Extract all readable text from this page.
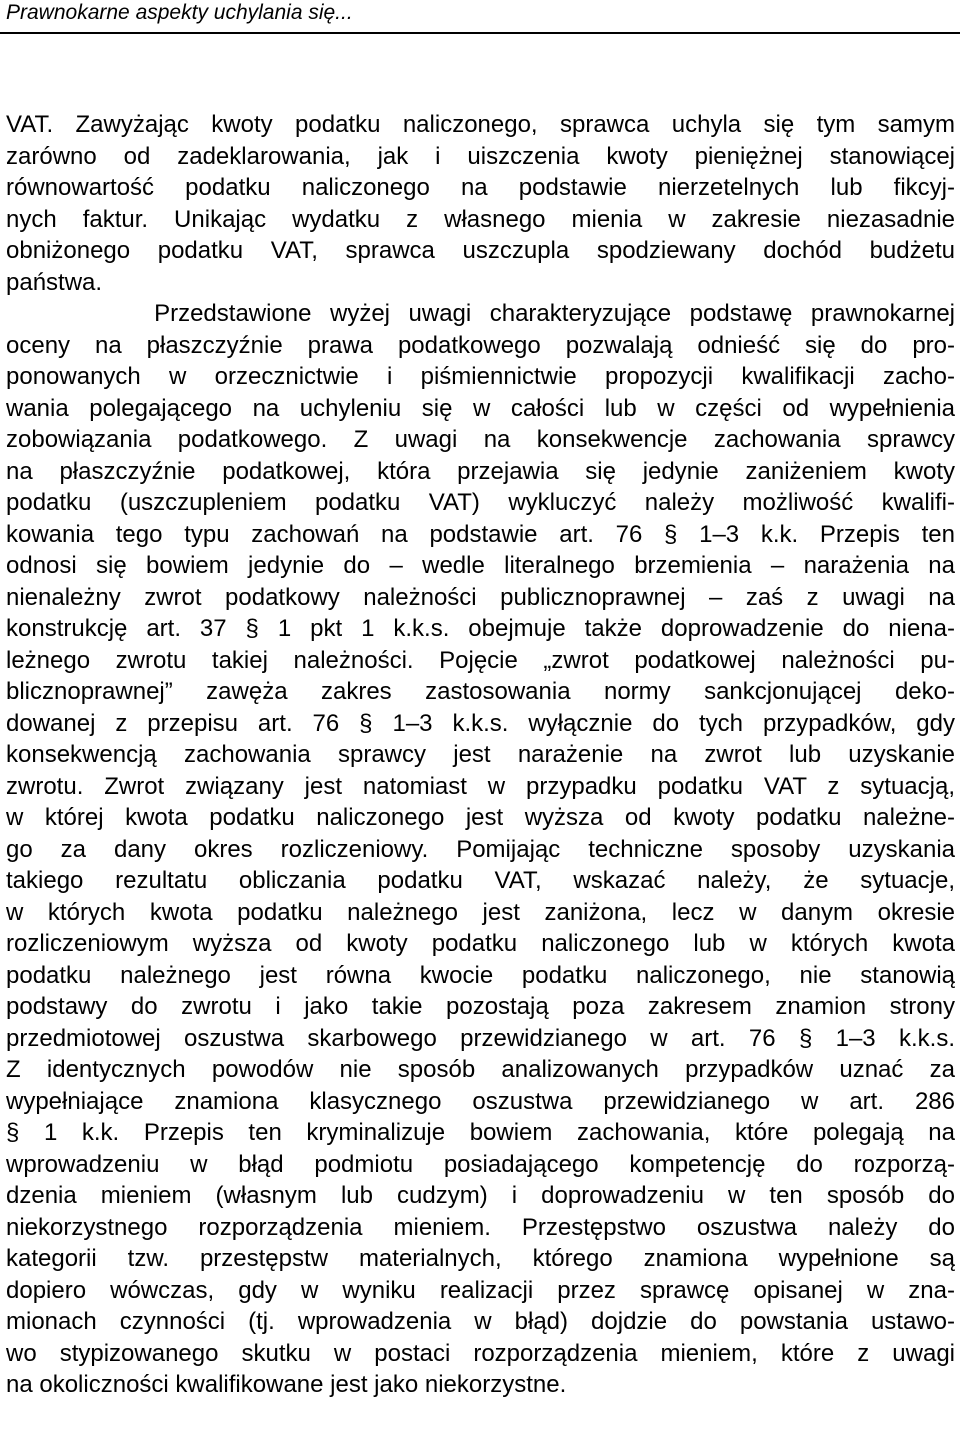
Prawnokarne aspekty uchylania się...
VAT. Zawyżając kwoty podatku naliczonego, sprawca uchyla się tym samym
zarówno od zadeklarowania, jak i uiszczenia kwoty pieniężnej stanowiącej
równowartość podatku naliczonego na podstawie nierzetelnych lub fikcyj-
nych faktur. Unikając wydatku z własnego mienia w zakresie niezasadnie
obniżonego podatku VAT, sprawca uszczupla spodziewany dochód budżetu
państwa.
Przedstawione wyżej uwagi charakteryzujące podstawę prawnokarnej
oceny na płaszczyźnie prawa podatkowego pozwalają odnieść się do pro-
ponowanych w orzecznictwie i piśmiennictwie propozycji kwalifikacji zacho-
wania polegającego na uchyleniu się w całości lub w części od wypełnienia
zobowiązania podatkowego. Z uwagi na konsekwencje zachowania sprawcy
na płaszczyźnie podatkowej, która przejawia się jedynie zaniżeniem kwoty
podatku (uszczupleniem podatku VAT) wykluczyć należy możliwość kwalifi-
kowania tego typu zachowań na podstawie art. 76 § 1–3 k.k. Przepis ten
odnosi się bowiem jedynie do – wedle literalnego brzemienia – narażenia na
nienależny zwrot podatkowy należności publicznoprawnej – zaś z uwagi na
konstrukcję art. 37 § 1 pkt 1 k.k.s. obejmuje także doprowadzenie do niena-
leżnego zwrotu takiej należności. Pojęcie „zwrot podatkowej należności pu-
blicznoprawnej” zawęża zakres zastosowania normy sankcjonującej deko-
dowanej z przepisu art. 76 § 1–3 k.k.s. wyłącznie do tych przypadków, gdy
konsekwencją zachowania sprawcy jest narażenie na zwrot lub uzyskanie
zwrotu. Zwrot związany jest natomiast w przypadku podatku VAT z sytuacją,
w której kwota podatku naliczonego jest wyższa od kwoty podatku należne-
go za dany okres rozliczeniowy. Pomijając techniczne sposoby uzyskania
takiego rezultatu obliczania podatku VAT, wskazać należy, że sytuacje,
w których kwota podatku należnego jest zaniżona, lecz w danym okresie
rozliczeniowym wyższa od kwoty podatku naliczonego lub w których kwota
podatku należnego jest równa kwocie podatku naliczonego, nie stanowią
podstawy do zwrotu i jako takie pozostają poza zakresem znamion strony
przedmiotowej oszustwa skarbowego przewidzianego w art. 76 § 1–3 k.k.s.
Z identycznych powodów nie sposób analizowanych przypadków uznać za
wypełniające znamiona klasycznego oszustwa przewidzianego w art. 286
§ 1 k.k. Przepis ten kryminalizuje bowiem zachowania, które polegają na
wprowadzeniu w błąd podmiotu posiadającego kompetencję do rozporzą-
dzenia mieniem (własnym lub cudzym) i doprowadzeniu w ten sposób do
niekorzystnego rozporządzenia mieniem. Przestępstwo oszustwa należy do
kategorii tzw. przestępstw materialnych, którego znamiona wypełnione są
dopiero wówczas, gdy w wyniku realizacji przez sprawcę opisanej w zna-
mionach czynności (tj. wprowadzenia w błąd) dojdzie do powstania ustawo-
wo stypizowanego skutku w postaci rozporządzenia mieniem, które z uwagi
na okoliczności kwalifikowane jest jako niekorzystne.
